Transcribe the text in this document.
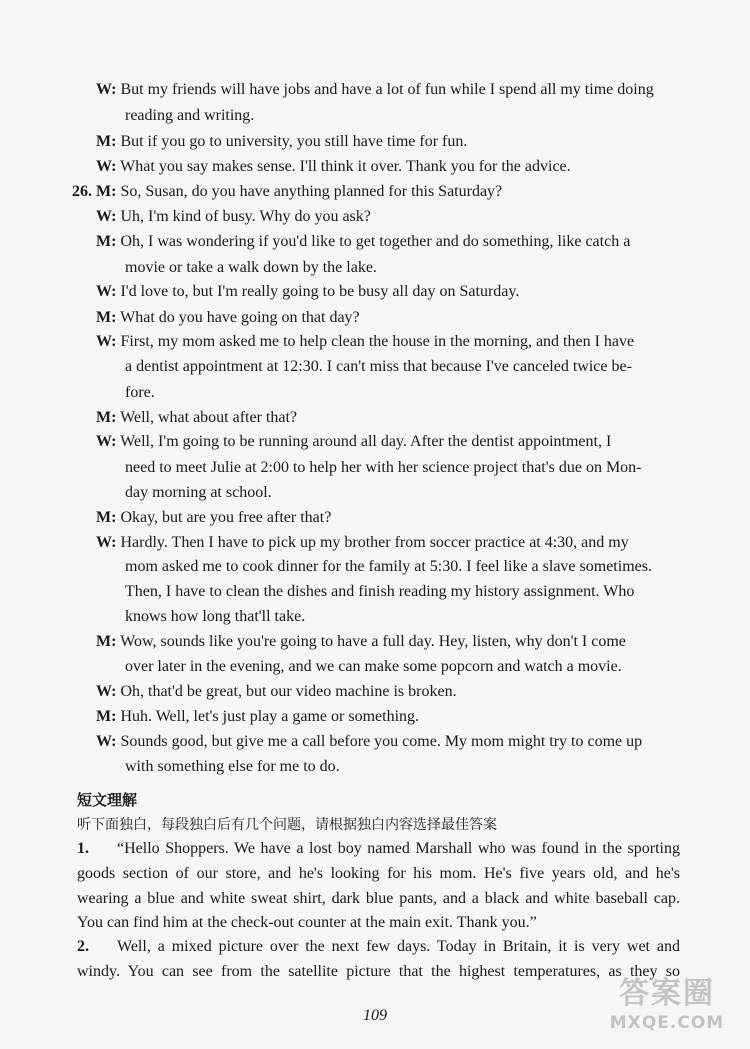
W: But my friends will have jobs and have a lot of fun while I spend all my time doing
reading and writing.
M: But if you go to university, you still have time for fun.
W: What you say makes sense. I'll think it over. Thank you for the advice.
26. M: So, Susan, do you have anything planned for this Saturday?
W: Uh, I'm kind of busy. Why do you ask?
M: Oh, I was wondering if you'd like to get together and do something, like catch a
movie or take a walk down by the lake.
W: I'd love to, but I'm really going to be busy all day on Saturday.
M: What do you have going on that day?
W: First, my mom asked me to help clean the house in the morning, and then I have
a dentist appointment at 12:30. I can't miss that because I've canceled twice be-
fore.
M: Well, what about after that?
W: Well, I'm going to be running around all day. After the dentist appointment, I
need to meet Julie at 2:00 to help her with her science project that's due on Mon-
day morning at school.
M: Okay, but are you free after that?
W: Hardly. Then I have to pick up my brother from soccer practice at 4:30, and my
mom asked me to cook dinner for the family at 5:30. I feel like a slave sometimes.
Then, I have to clean the dishes and finish reading my history assignment. Who
knows how long that'll take.
M: Wow, sounds like you're going to have a full day. Hey, listen, why don't I come
over later in the evening, and we can make some popcorn and watch a movie.
W: Oh, that'd be great, but our video machine is broken.
M: Huh. Well, let's just play a game or something.
W: Sounds good, but give me a call before you come. My mom might try to come up
with something else for me to do.
短文理解
听下面独白，每段独白后有几个问题，请根据独白内容选择最佳答案
1. “Hello Shoppers. We have a lost boy named Marshall who was found in the sporting
goods section of our store, and he's looking for his mom. He's five years old, and he's
wearing a blue and white sweat shirt, dark blue pants, and a black and white baseball cap.
You can find him at the check-out counter at the main exit. Thank you.”
2. Well, a mixed picture over the next few days. Today in Britain, it is very wet and
windy. You can see from the satellite picture that the highest temperatures, as they so
109
答案圈
MXQE.COM
